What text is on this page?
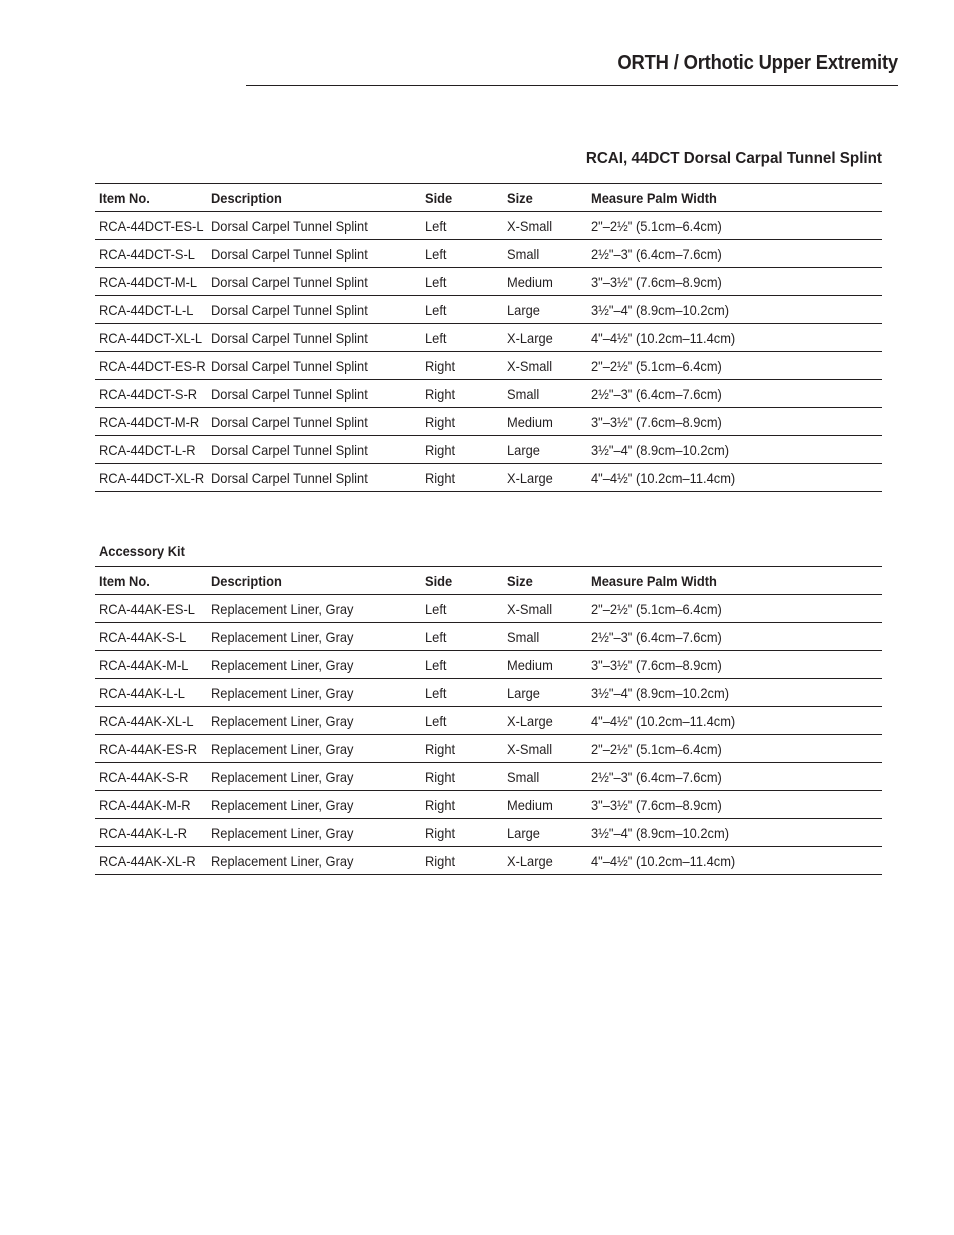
ORTH / Orthotic Upper Extremity
RCAI, 44DCT Dorsal Carpal Tunnel Splint
Item No.	Description	Side	Size	Measure Palm Width
RCA-44DCT-ES-L	Dorsal Carpel Tunnel Splint	Left	X-Small	2"–2½" (5.1cm–6.4cm)
RCA-44DCT-S-L	Dorsal Carpel Tunnel Splint	Left	Small	2½"–3" (6.4cm–7.6cm)
RCA-44DCT-M-L	Dorsal Carpel Tunnel Splint	Left	Medium	3"–3½" (7.6cm–8.9cm)
RCA-44DCT-L-L	Dorsal Carpel Tunnel Splint	Left	Large	3½"–4" (8.9cm–10.2cm)
RCA-44DCT-XL-L	Dorsal Carpel Tunnel Splint	Left	X-Large	4"–4½" (10.2cm–11.4cm)
RCA-44DCT-ES-R	Dorsal Carpel Tunnel Splint	Right	X-Small	2"–2½" (5.1cm–6.4cm)
RCA-44DCT-S-R	Dorsal Carpel Tunnel Splint	Right	Small	2½"–3" (6.4cm–7.6cm)
RCA-44DCT-M-R	Dorsal Carpel Tunnel Splint	Right	Medium	3"–3½" (7.6cm–8.9cm)
RCA-44DCT-L-R	Dorsal Carpel Tunnel Splint	Right	Large	3½"–4" (8.9cm–10.2cm)
RCA-44DCT-XL-R	Dorsal Carpel Tunnel Splint	Right	X-Large	4"–4½" (10.2cm–11.4cm)
Accessory Kit
Item No.	Description	Side	Size	Measure Palm Width
RCA-44AK-ES-L	Replacement Liner, Gray	Left	X-Small	2"–2½" (5.1cm–6.4cm)
RCA-44AK-S-L	Replacement Liner, Gray	Left	Small	2½"–3" (6.4cm–7.6cm)
RCA-44AK-M-L	Replacement Liner, Gray	Left	Medium	3"–3½" (7.6cm–8.9cm)
RCA-44AK-L-L	Replacement Liner, Gray	Left	Large	3½"–4" (8.9cm–10.2cm)
RCA-44AK-XL-L	Replacement Liner, Gray	Left	X-Large	4"–4½" (10.2cm–11.4cm)
RCA-44AK-ES-R	Replacement Liner, Gray	Right	X-Small	2"–2½" (5.1cm–6.4cm)
RCA-44AK-S-R	Replacement Liner, Gray	Right	Small	2½"–3" (6.4cm–7.6cm)
RCA-44AK-M-R	Replacement Liner, Gray	Right	Medium	3"–3½" (7.6cm–8.9cm)
RCA-44AK-L-R	Replacement Liner, Gray	Right	Large	3½"–4" (8.9cm–10.2cm)
RCA-44AK-XL-R	Replacement Liner, Gray	Right	X-Large	4"–4½" (10.2cm–11.4cm)
